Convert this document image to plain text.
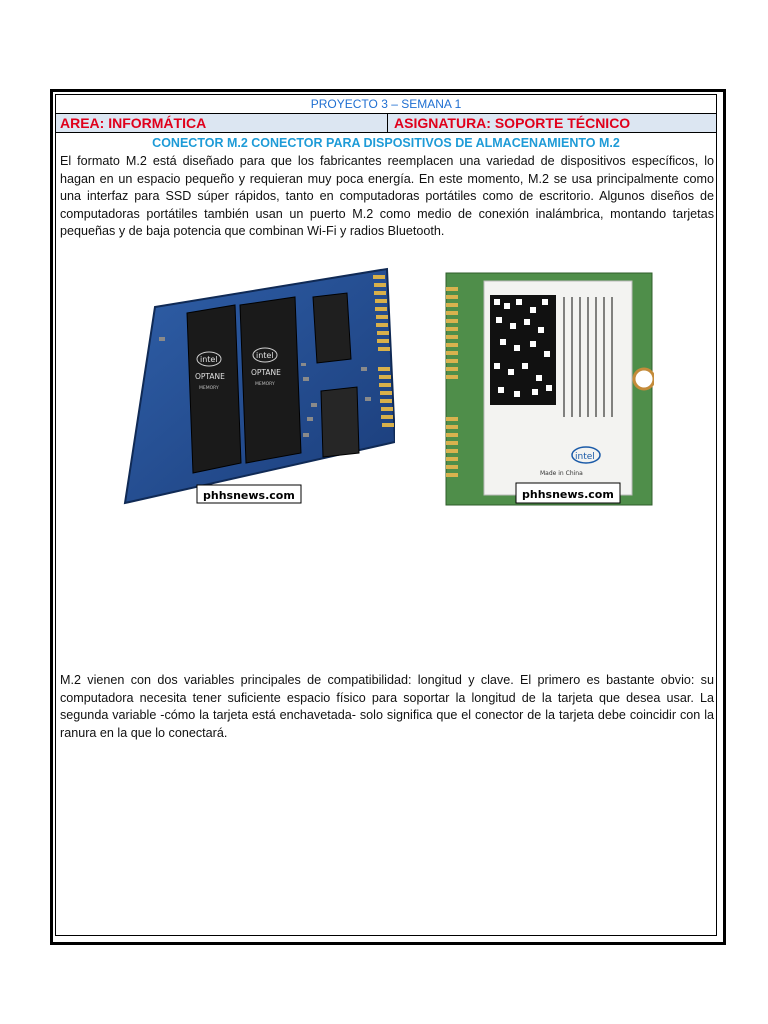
PROYECTO 3 – SEMANA 1
AREA: INFORMÁTICA	ASIGNATURA: SOPORTE TÉCNICO
CONECTOR M.2 CONECTOR PARA DISPOSITIVOS DE ALMACENAMIENTO M.2
El formato M.2 está diseñado para que los fabricantes reemplacen una variedad de dispositivos específicos, lo hagan en un espacio pequeño y requieran muy poca energía. En este momento, M.2 se usa principalmente como una interfaz para SSD súper rápidos, tanto en computadoras portátiles como de escritorio. Algunos diseños de computadoras portátiles también usan un puerto M.2 como medio de conexión inalámbrica, montando tarjetas pequeñas y de baja potencia que combinan Wi-Fi y radios Bluetooth.
intel
OPTANE
MEMORY
intel
OPTANE
MEMORY
phhsnews.com
intel
Made in China
phhsnews.com
M.2 vienen con dos variables principales de compatibilidad: longitud y clave. El primero es bastante obvio: su computadora necesita tener suficiente espacio físico para soportar la longitud de la tarjeta que desea usar. La segunda variable -cómo la tarjeta está enchavetada- solo significa que el conector de la tarjeta debe coincidir con la ranura en la que lo conectará.
